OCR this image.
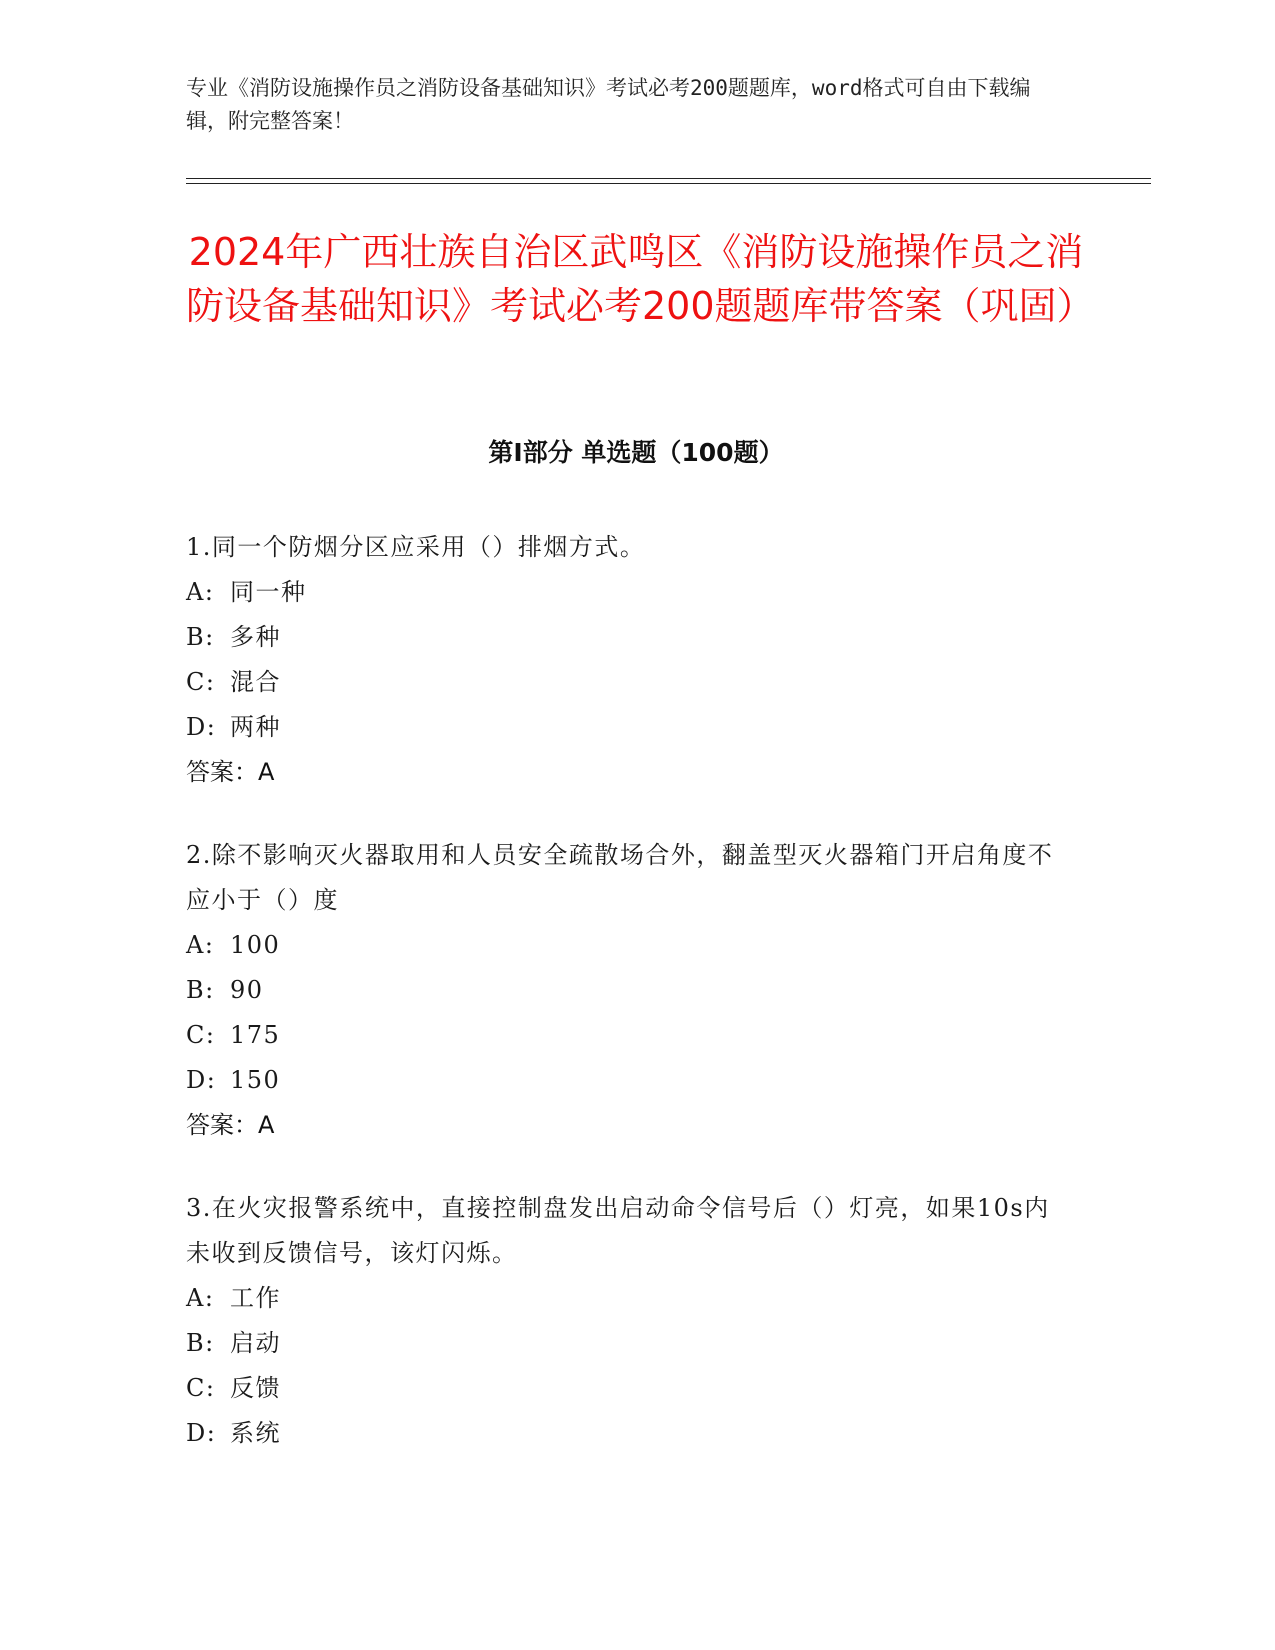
专业《消防设施操作员之消防设备基础知识》考试必考200题题库，word格式可自由下载编辑，附完整答案！
2024年广西壮族自治区武鸣区《消防设施操作员之消防设备基础知识》考试必考200题题库带答案（巩固）
第Ⅰ部分 单选题（100题）

1.同一个防烟分区应采用（）排烟方式。

A: 同一种
B: 多种
C: 混合
D: 两种
答案：A

2.除不影响灭火器取用和人员安全疏散场合外，翻盖型灭火器箱门开启角度不应小于（）度

A: 100
B: 90
C: 175
D: 150
答案：A

3.在火灾报警系统中，直接控制盘发出启动命令信号后（）灯亮，如果10s内未收到反馈信号，该灯闪烁。

A: 工作
B: 启动
C: 反馈
D: 系统
